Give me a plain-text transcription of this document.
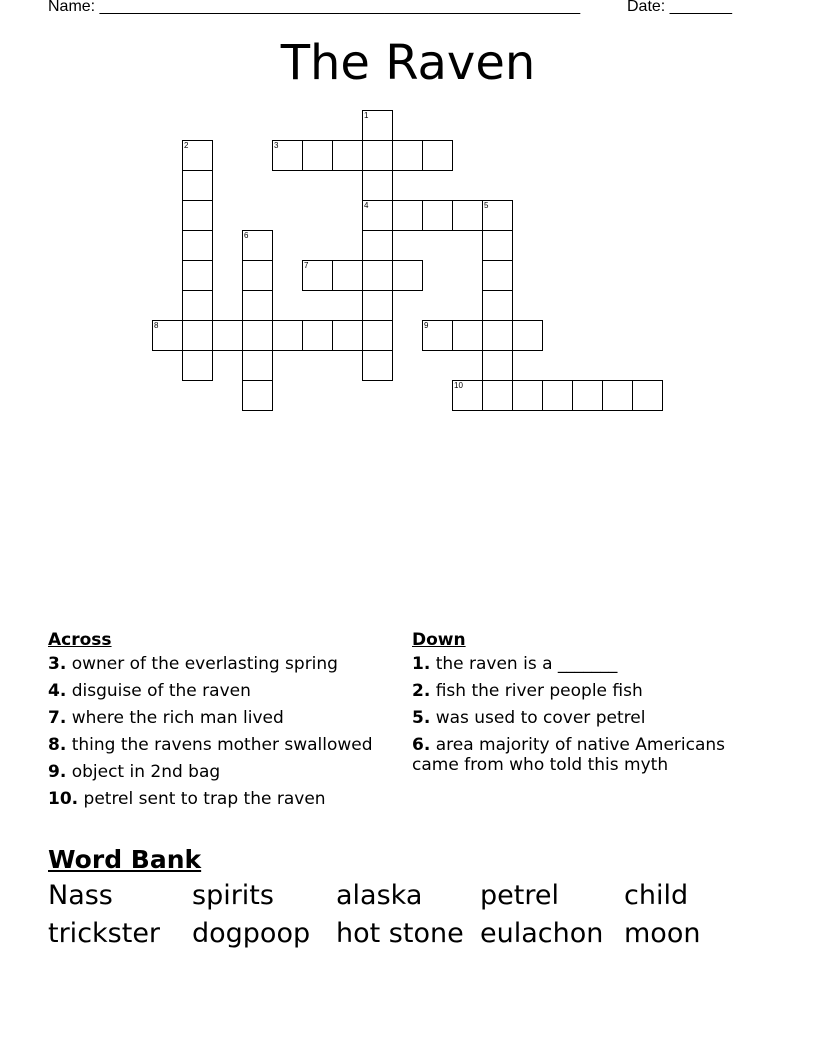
Name: ______________________________________________________	Date: _______
The Raven
1
4
2	3
5
6
7
8	9
10
Across
3. owner of the everlasting spring
4. disguise of the raven
7. where the rich man lived
8. thing the ravens mother swallowed
9. object in 2nd bag
10. petrel sent to trap the raven
Down
1. the raven is a _______
2. fish the river people fish
5. was used to cover petrel
6. area majority of native Americans came from who told this myth
Word Bank
Nass	spirits alaska petrel child
trickster dogpoop hot stone eulachon moon
